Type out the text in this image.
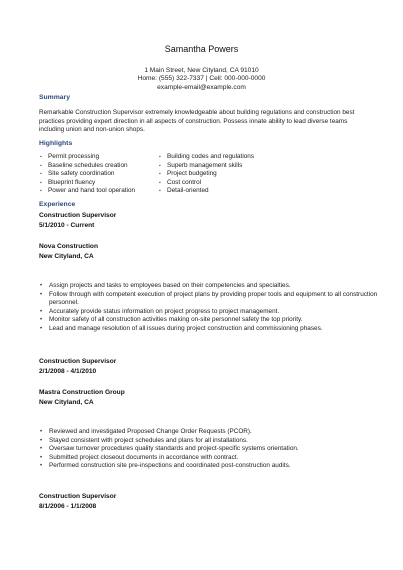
Samantha Powers
1 Main Street, New Cityland, CA 91010
Home: (555) 322-7337 | Cell: 000-000-0000
example-email@example.com
Summary

Remarkable Construction Supervisor extremely knowledgeable about building regulations and construction best practices providing expert direction in all aspects of construction. Possess innate ability to lead diverse teams including union and non-union shops.

Highlights
▪ Permit processing
▪ Baseline schedules creation
▪ Site safety coordination
▪ Blueprint fluency
▪ Power and hand tool operation
▪ Building codes and regulations
▪ Superb management skills
▪ Project budgeting
▪ Cost control
▪ Detail-oriented
Experience
Construction Supervisor
5/1/2010 - Current
Nova Construction
New Cityland, CA
• Assign projects and tasks to employees based on their competencies and specialties.
• Follow through with competent execution of project plans by providing proper tools and equipment to all construction personnel.
• Accurately provide status information on project progress to project management.
• Monitor safety of all construction activities making on-site personnel safety the top priority.
• Lead and manage resolution of all issues during project construction and commissioning phases.
Construction Supervisor
2/1/2008 - 4/1/2010
Mastra Construction Group
New Cityland, CA
• Reviewed and investigated Proposed Change Order Requests (PCOR).
• Stayed consistent with project schedules and plans for all installations.
• Oversaw turnover procedures quality standards and project-specific systems orientation.
• Submitted project closeout documents in accordance with contract.
• Performed construction site pre-inspections and coordinated post-construction audits.
Construction Supervisor
8/1/2006 - 1/1/2008
